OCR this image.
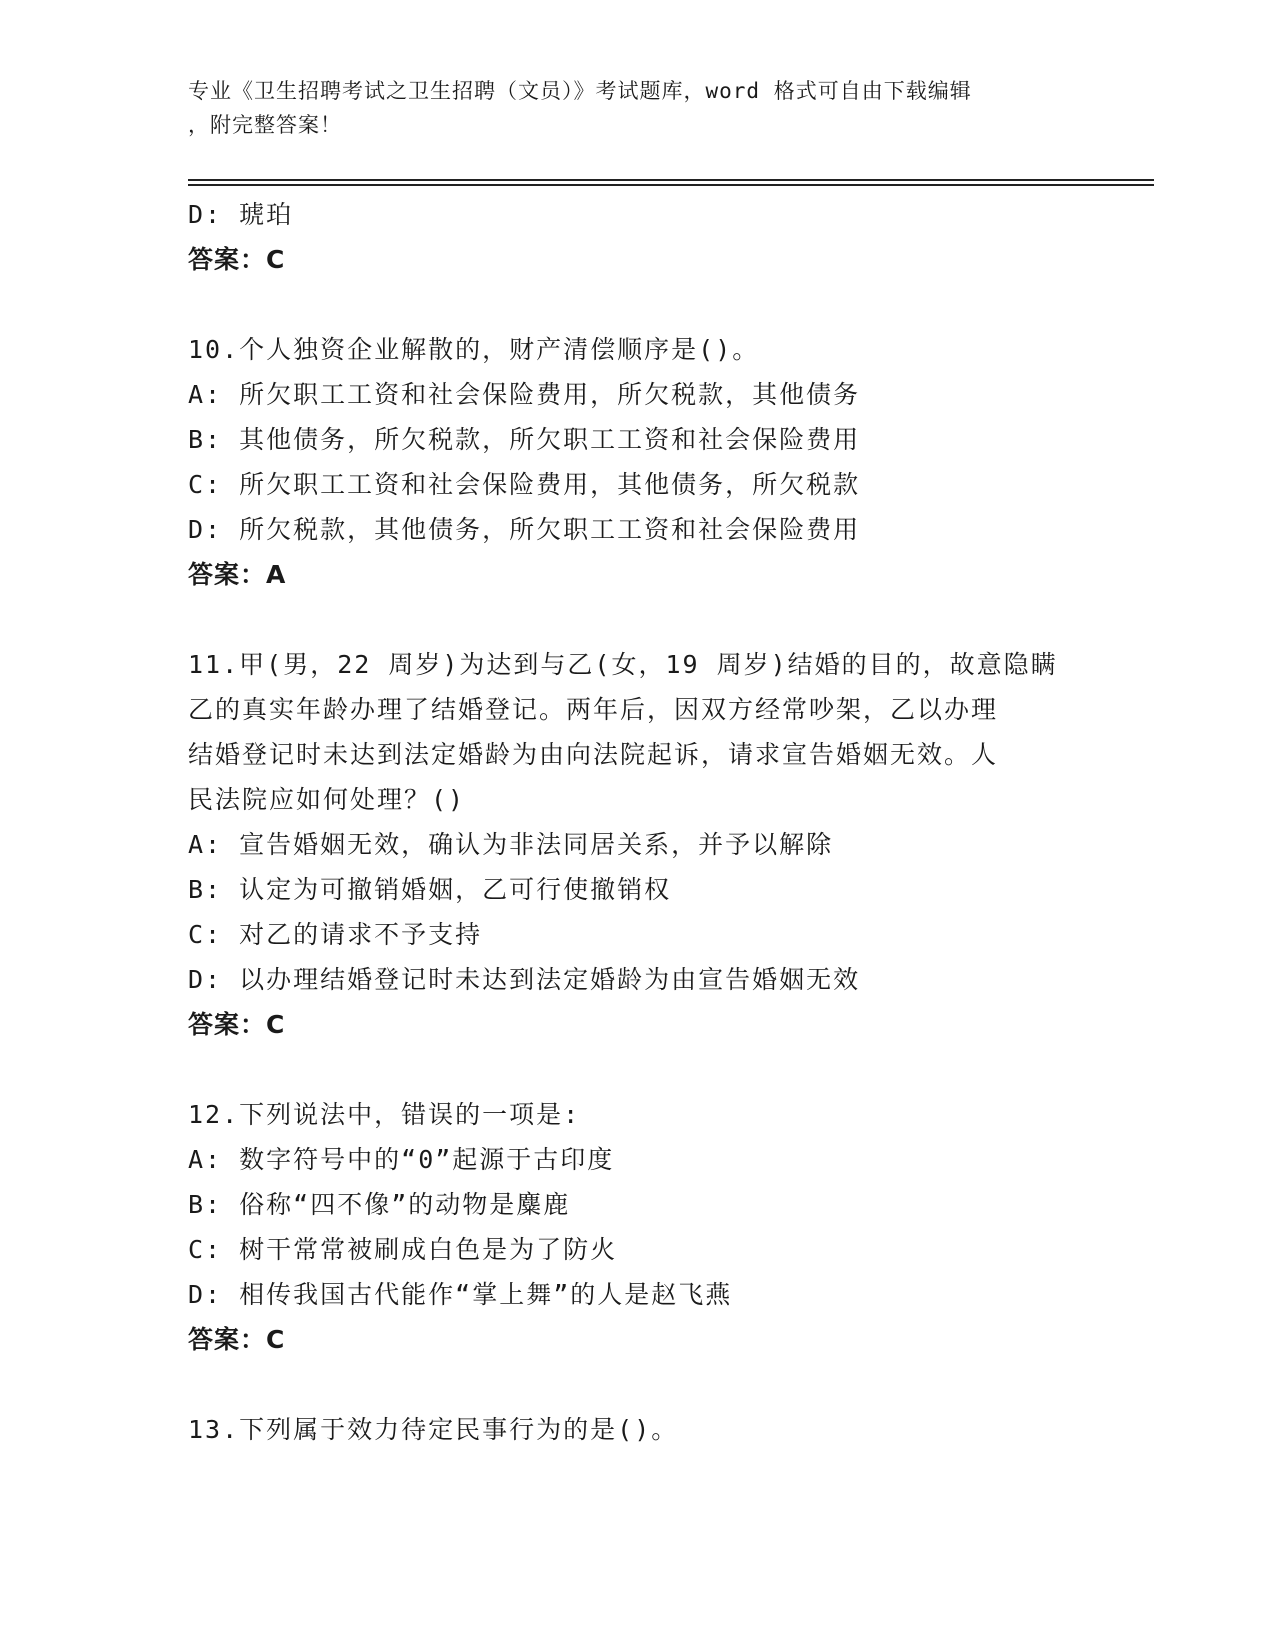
专业《卫生招聘考试之卫生招聘（文员）》考试题库，word 格式可自由下载编辑
，附完整答案！
D: 琥珀
答案：C
10.个人独资企业解散的，财产清偿顺序是()。
A: 所欠职工工资和社会保险费用，所欠税款，其他债务
B: 其他债务，所欠税款，所欠职工工资和社会保险费用
C: 所欠职工工资和社会保险费用，其他债务，所欠税款
D: 所欠税款，其他债务，所欠职工工资和社会保险费用
答案：A
11.甲(男，22 周岁)为达到与乙(女，19 周岁)结婚的目的，故意隐瞒
乙的真实年龄办理了结婚登记。两年后，因双方经常吵架，乙以办理
结婚登记时未达到法定婚龄为由向法院起诉，请求宣告婚姻无效。人
民法院应如何处理？()
A: 宣告婚姻无效，确认为非法同居关系，并予以解除
B: 认定为可撤销婚姻，乙可行使撤销权
C: 对乙的请求不予支持
D: 以办理结婚登记时未达到法定婚龄为由宣告婚姻无效
答案：C
12.下列说法中，错误的一项是:
A: 数字符号中的“0”起源于古印度
B: 俗称“四不像”的动物是麋鹿
C: 树干常常被刷成白色是为了防火
D: 相传我国古代能作“掌上舞”的人是赵飞燕
答案：C
13.下列属于效力待定民事行为的是()。
